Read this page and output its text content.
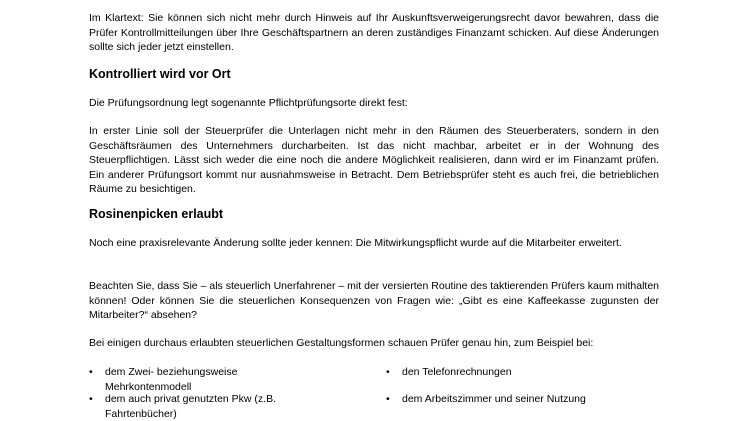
Im Klartext: Sie können sich nicht mehr durch Hinweis auf Ihr Auskunftsverweigerungsrecht davor bewahren, dass die Prüfer Kontrollmitteilungen über Ihre Geschäftspartnern an deren zuständiges Finanzamt schicken. Auf diese Änderungen sollte sich jeder jetzt einstellen.

Kontrolliert wird vor Ort

Die Prüfungsordnung legt sogenannte Pflichtprüfungsorte direkt fest:

In erster Linie soll der Steuerprüfer die Unterlagen nicht mehr in den Räumen des Steuerberaters, sondern in den Geschäftsräumen des Unternehmers durcharbeiten. Ist das nicht machbar, arbeitet er in der Wohnung des Steuerpflichtigen. Lässt sich weder die eine noch die andere Möglichkeit realisieren, dann wird er im Finanzamt prüfen. Ein anderer Prüfungsort kommt nur ausnahmsweise in Betracht. Dem Betriebsprüfer steht es auch frei, die betrieblichen Räume zu besichtigen.

Rosinenpicken erlaubt

Noch eine praxisrelevante Änderung sollte jeder kennen: Die Mitwirkungspflicht wurde auf die Mitarbeiter erweitert.

Beachten Sie, dass Sie – als steuerlich Unerfahrener – mit der versierten Routine des taktierenden Prüfers kaum mithalten können! Oder können Sie die steuerlichen Konsequenzen von Fragen wie: „Gibt es eine Kaffeekasse zugunsten der Mitarbeiter?“ absehen?

Bei einigen durchaus erlaubten steuerlichen Gestaltungsformen schauen Prüfer genau hin, zum Beispiel bei:

• dem Zwei- beziehungsweise Mehrkontenmodell
• den Telefonrechnungen
• dem auch privat genutzten Pkw (z.B. Fahrtenbücher)
• dem Arbeitszimmer und seiner Nutzung
